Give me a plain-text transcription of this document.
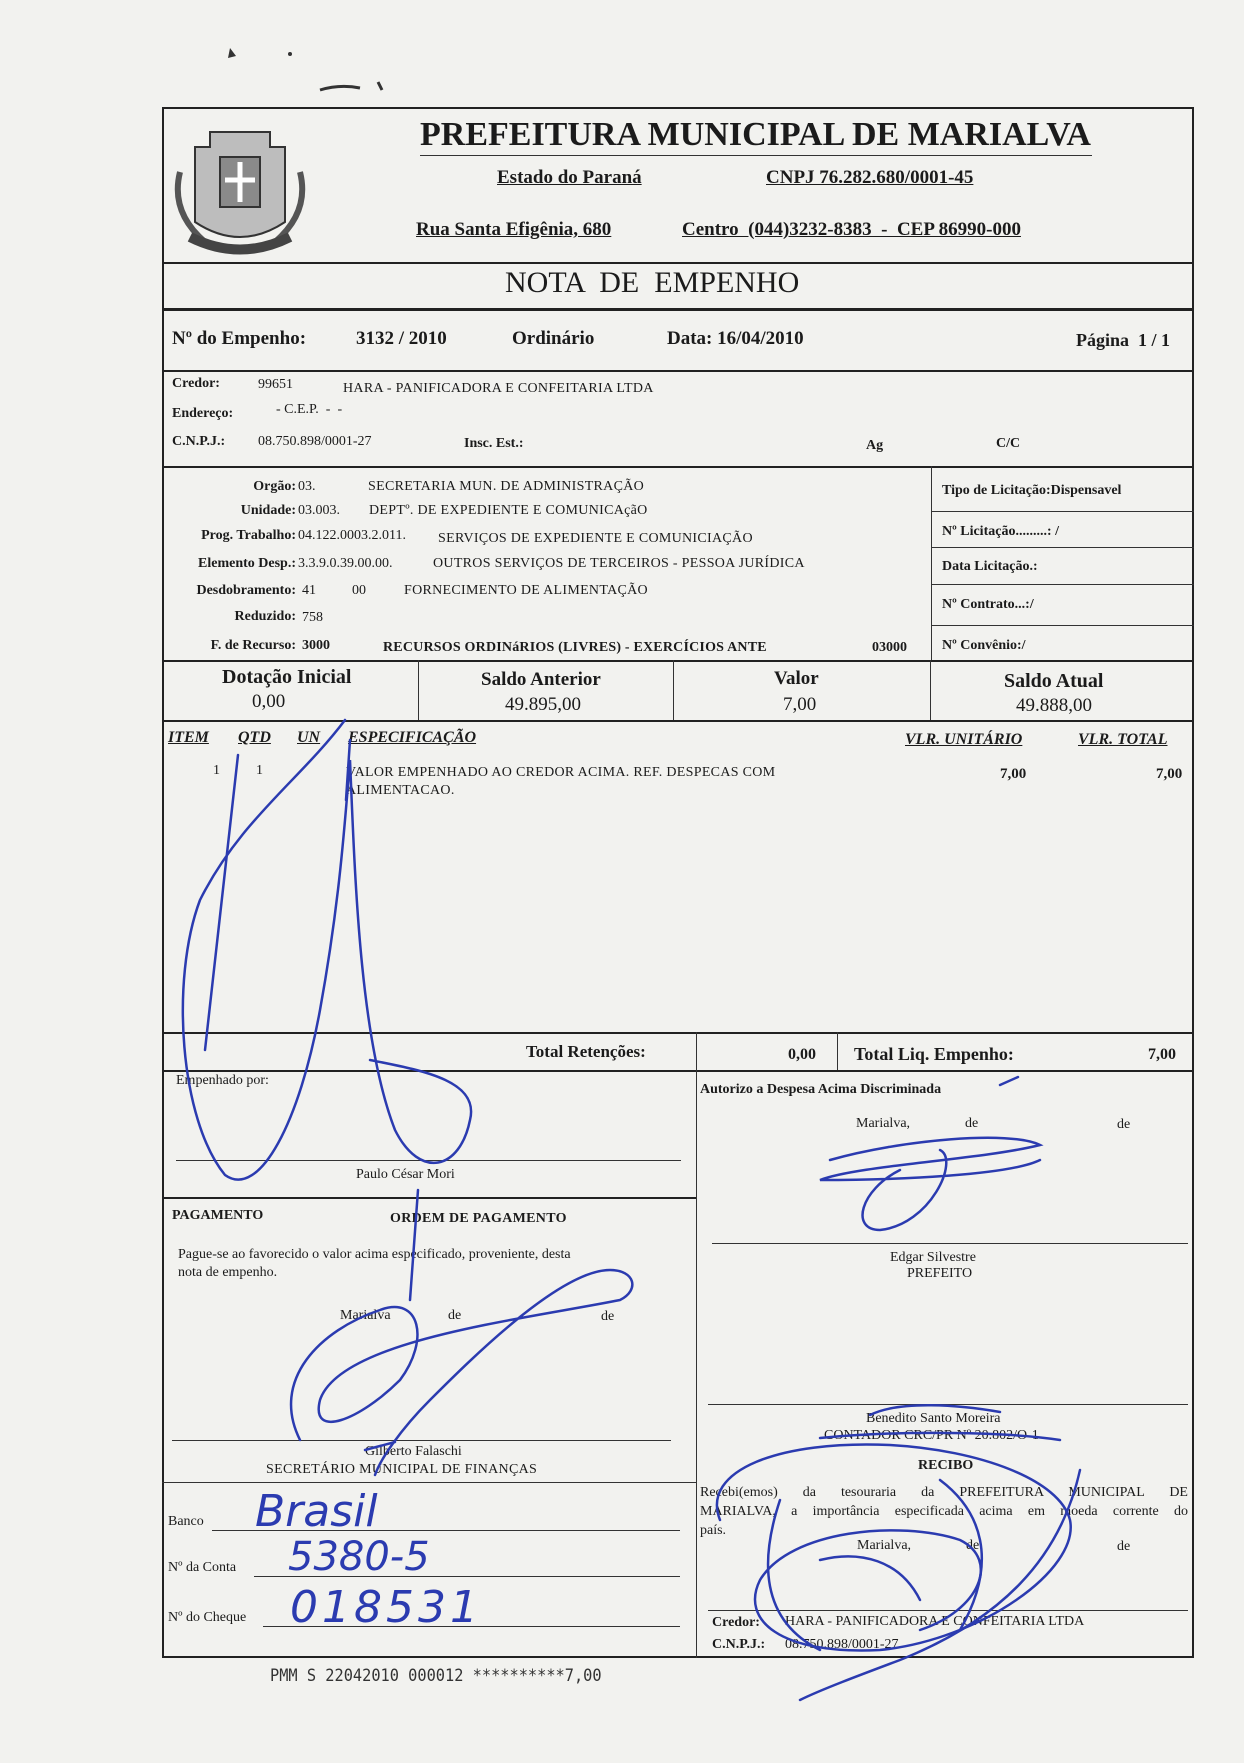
PREFEITURA MUNICIPAL DE MARIALVA
Estado do Paraná	CNPJ 76.282.680/0001-45
Rua Santa Efigênia, 680	Centro  (044)3232-8383  -  CEP 86990-000
NOTA  DE  EMPENHO
Nº do Empenho:	3132 / 2010	Ordinário	Data: 16/04/2010	Página  1 / 1
Credor:	99651	HARA - PANIFICADORA E CONFEITARIA LTDA
Endereço:	- C.E.P.  -  -
C.N.P.J.: 08.750.898/0001-27	Insc. Est.:	Ag	C/C
Orgão: 03.	SECRETARIA MUN. DE ADMINISTRAÇÃO
Unidade: 03.003. DEPTº. DE EXPEDIENTE E COMUNICAçãO
Prog. Trabalho: 04.122.0003.2.011. SERVIÇOS DE EXPEDIENTE E COMUNICIAÇÃO
Elemento Desp.: 3.3.9.0.39.00.00.	OUTROS SERVIÇOS DE TERCEIROS - PESSOA JURÍDICA
Desdobramento: 41	00	FORNECIMENTO DE ALIMENTAÇÃO
Reduzido: 758
F. de Recurso: 3000	RECURSOS ORDINáRIOS (LIVRES) - EXERCÍCIOS ANTE	03000
Tipo de Licitação:Dispensavel
Nº Licitação.........: /
Data Licitação.:
Nº Contrato...:/
Nº Convênio:/
Dotação Inicial
0,00
Saldo Anterior
49.895,00
Valor
7,00
Saldo Atual
49.888,00
ITEM QTD UN ESPECIFICAÇÃO	VLR. UNITÁRIO	VLR. TOTAL
1	1	VALOR EMPENHADO AO CREDOR ACIMA. REF. DESPECAS COM
ALIMENTACAO.
7,00	7,00
Total Retenções:	0,00 Total Liq. Empenho:	7,00
Empenhado por:
Paulo César Mori
Autorizo a Despesa Acima Discriminada
Marialva,	de	de
Edgar Silvestre
PREFEITO
PAGAMENTO	ORDEM DE PAGAMENTO
Pague-se ao favorecido o valor acima especificado, proveniente, desta
nota de empenho.
Marialva	de	de
Gilberto Falaschi
SECRETÁRIO MUNICIPAL DE FINANÇAS
Benedito Santo Moreira
CONTADOR CRC/PR Nº 20.802/O-1
RECIBO
Recebi(emos) da tesouraria da PREFEITURA MUNICIPAL DE
MARIALVA, a importância especificada acima em moeda corrente do
país.
Marialva,	de	de
Credor: HARA - PANIFICADORA E CONFEITARIA LTDA
C.N.P.J.: 08.750.898/0001-27
Banco Brasil
Nº da Conta 5380-5
Nº do Cheque 018531
PMM S 22042010 000012 **********7,00
